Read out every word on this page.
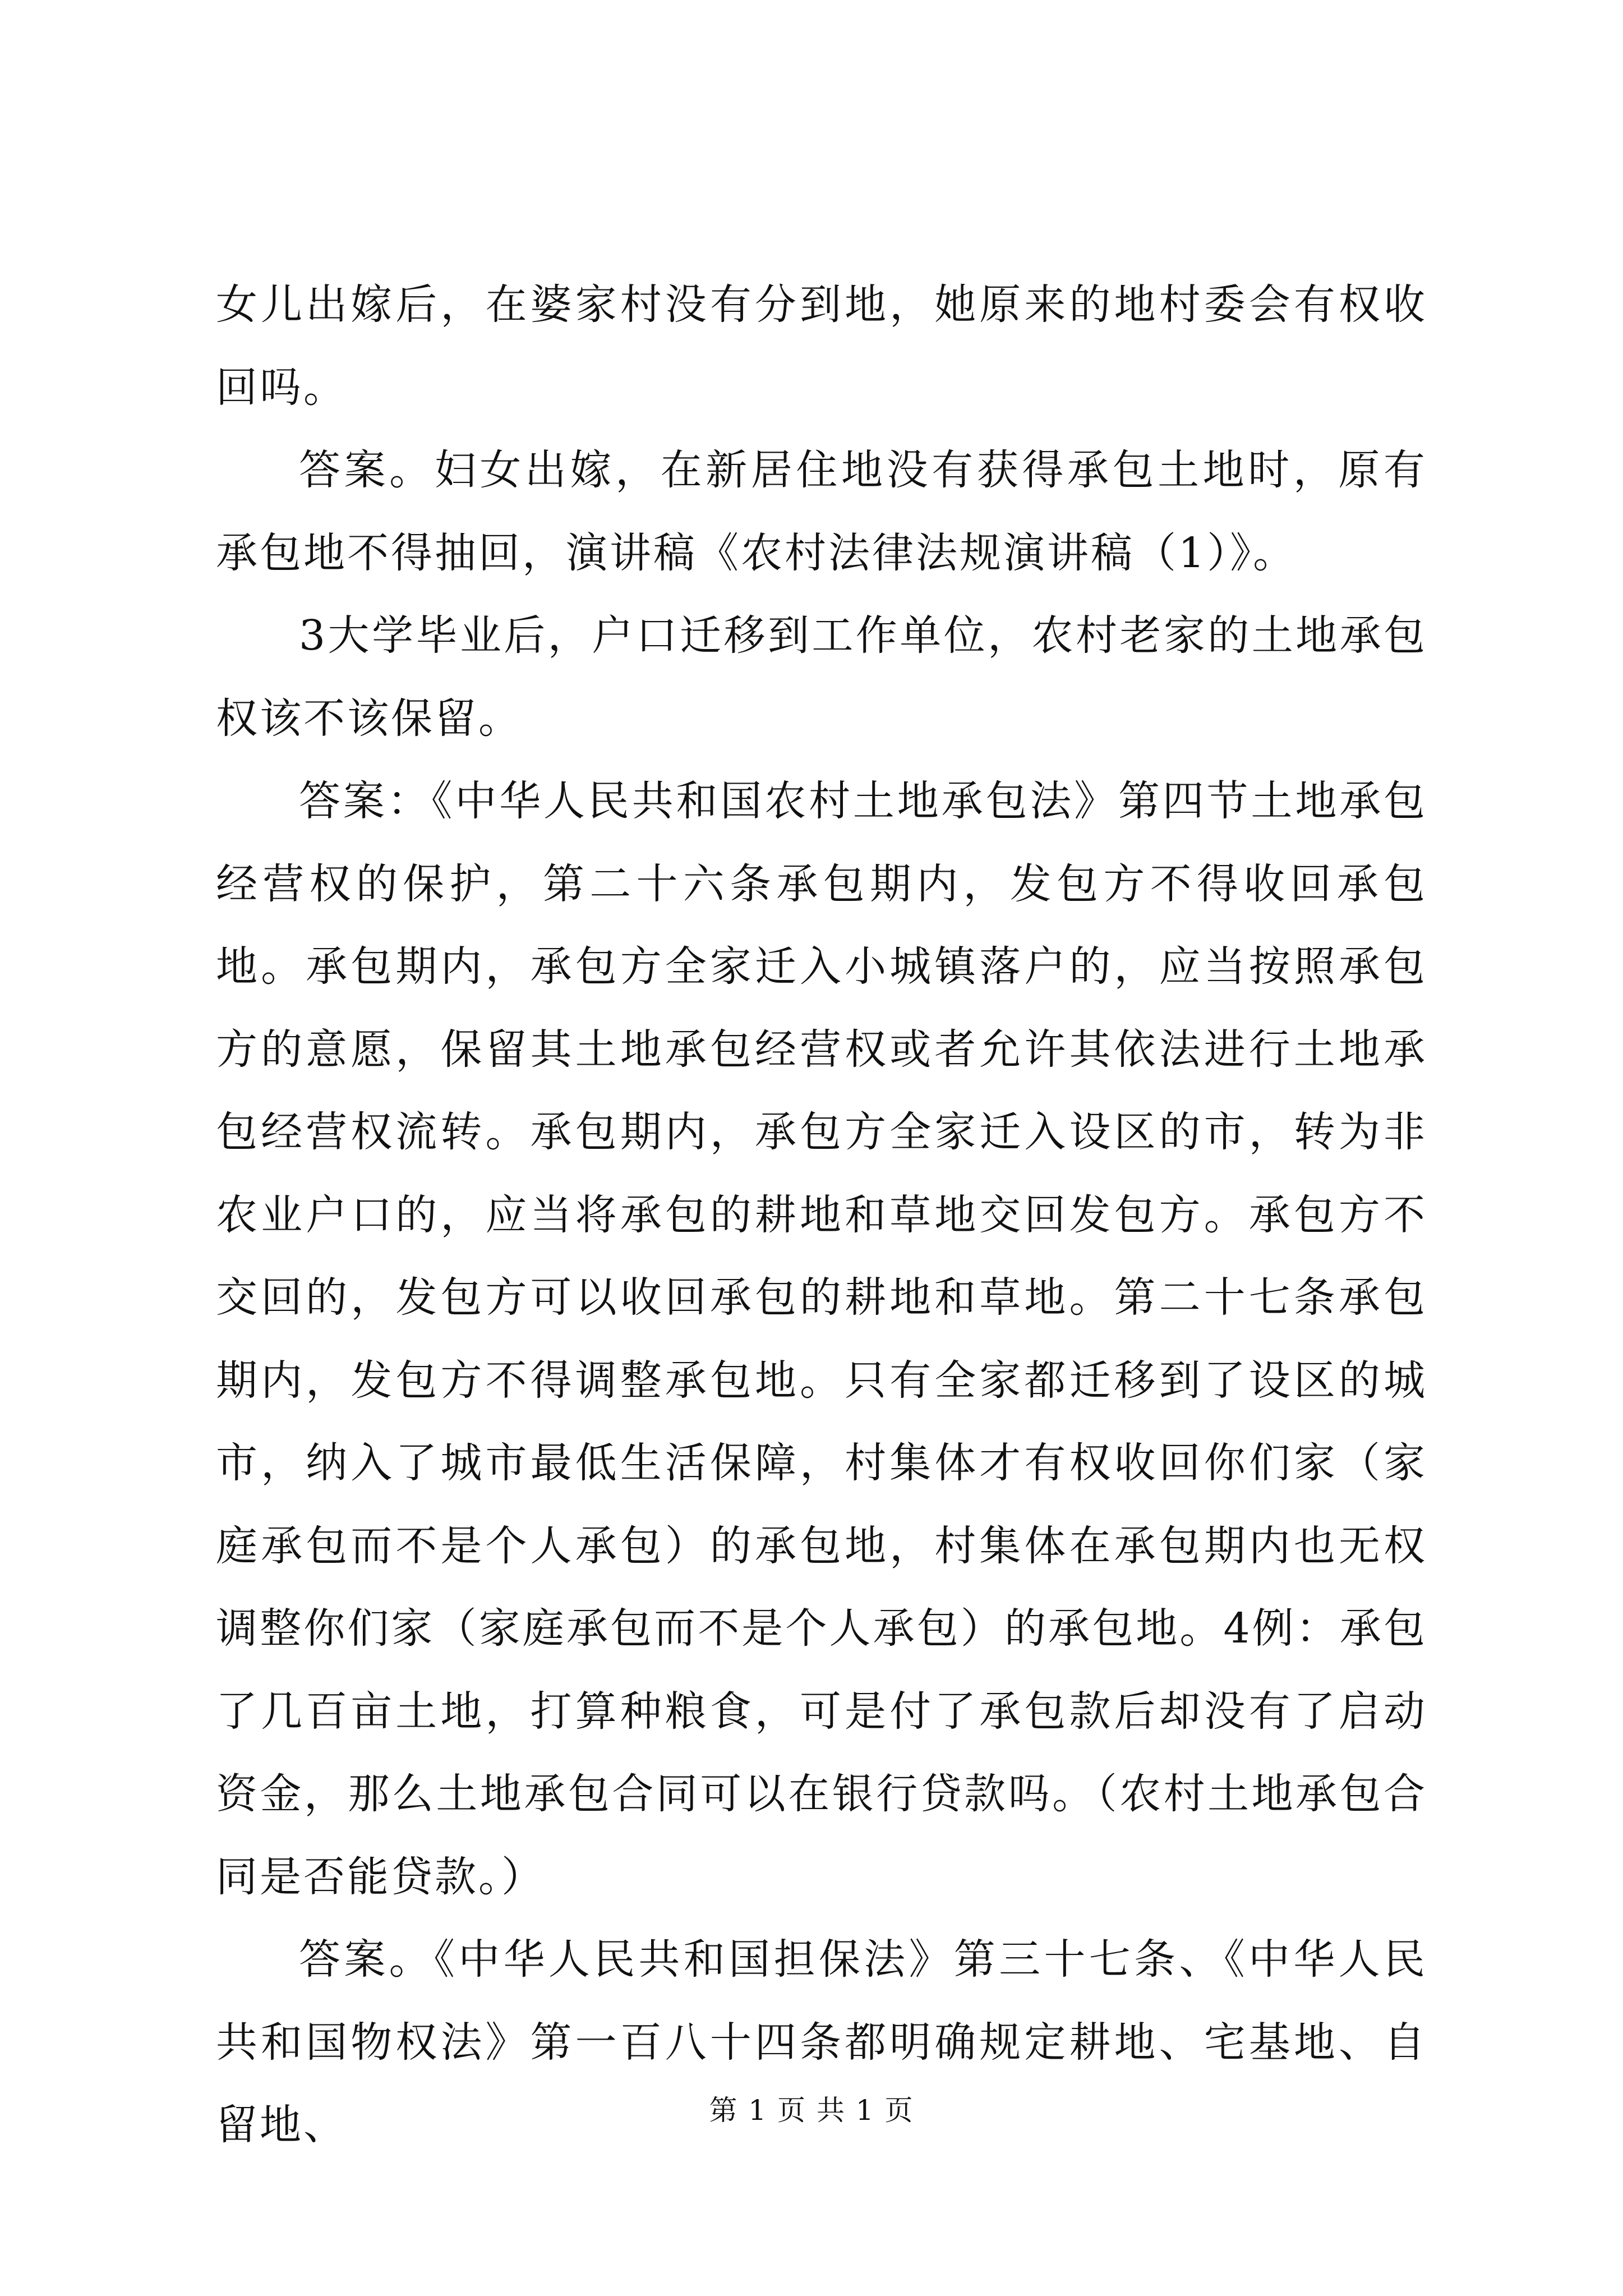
女儿出嫁后，在婆家村没有分到地，她原来的地村委会有权收回吗。

答案。妇女出嫁，在新居住地没有获得承包土地时，原有承包地不得抽回，演讲稿《农村法律法规演讲稿（1）》。

3大学毕业后，户口迁移到工作单位，农村老家的土地承包权该不该保留。

答案：《中华人民共和国农村土地承包法》第四节土地承包经营权的保护，第二十六条承包期内，发包方不得收回承包地。承包期内，承包方全家迁入小城镇落户的，应当按照承包方的意愿，保留其土地承包经营权或者允许其依法进行土地承包经营权流转。承包期内，承包方全家迁入设区的市，转为非农业户口的，应当将承包的耕地和草地交回发包方。承包方不交回的，发包方可以收回承包的耕地和草地。第二十七条承包期内，发包方不得调整承包地。只有全家都迁移到了设区的城市，纳入了城市最低生活保障，村集体才有权收回你们家（家庭承包而不是个人承包）的承包地，村集体在承包期内也无权调整你们家（家庭承包而不是个人承包）的承包地。4例：承包了几百亩土地，打算种粮食，可是付了承包款后却没有了启动资金，那么土地承包合同可以在银行贷款吗。（农村土地承包合同是否能贷款。）

答案。《中华人民共和国担保法》第三十七条、《中华人民共和国物权法》第一百八十四条都明确规定耕地、宅基地、自留地、	第 1 页 共 1 页
